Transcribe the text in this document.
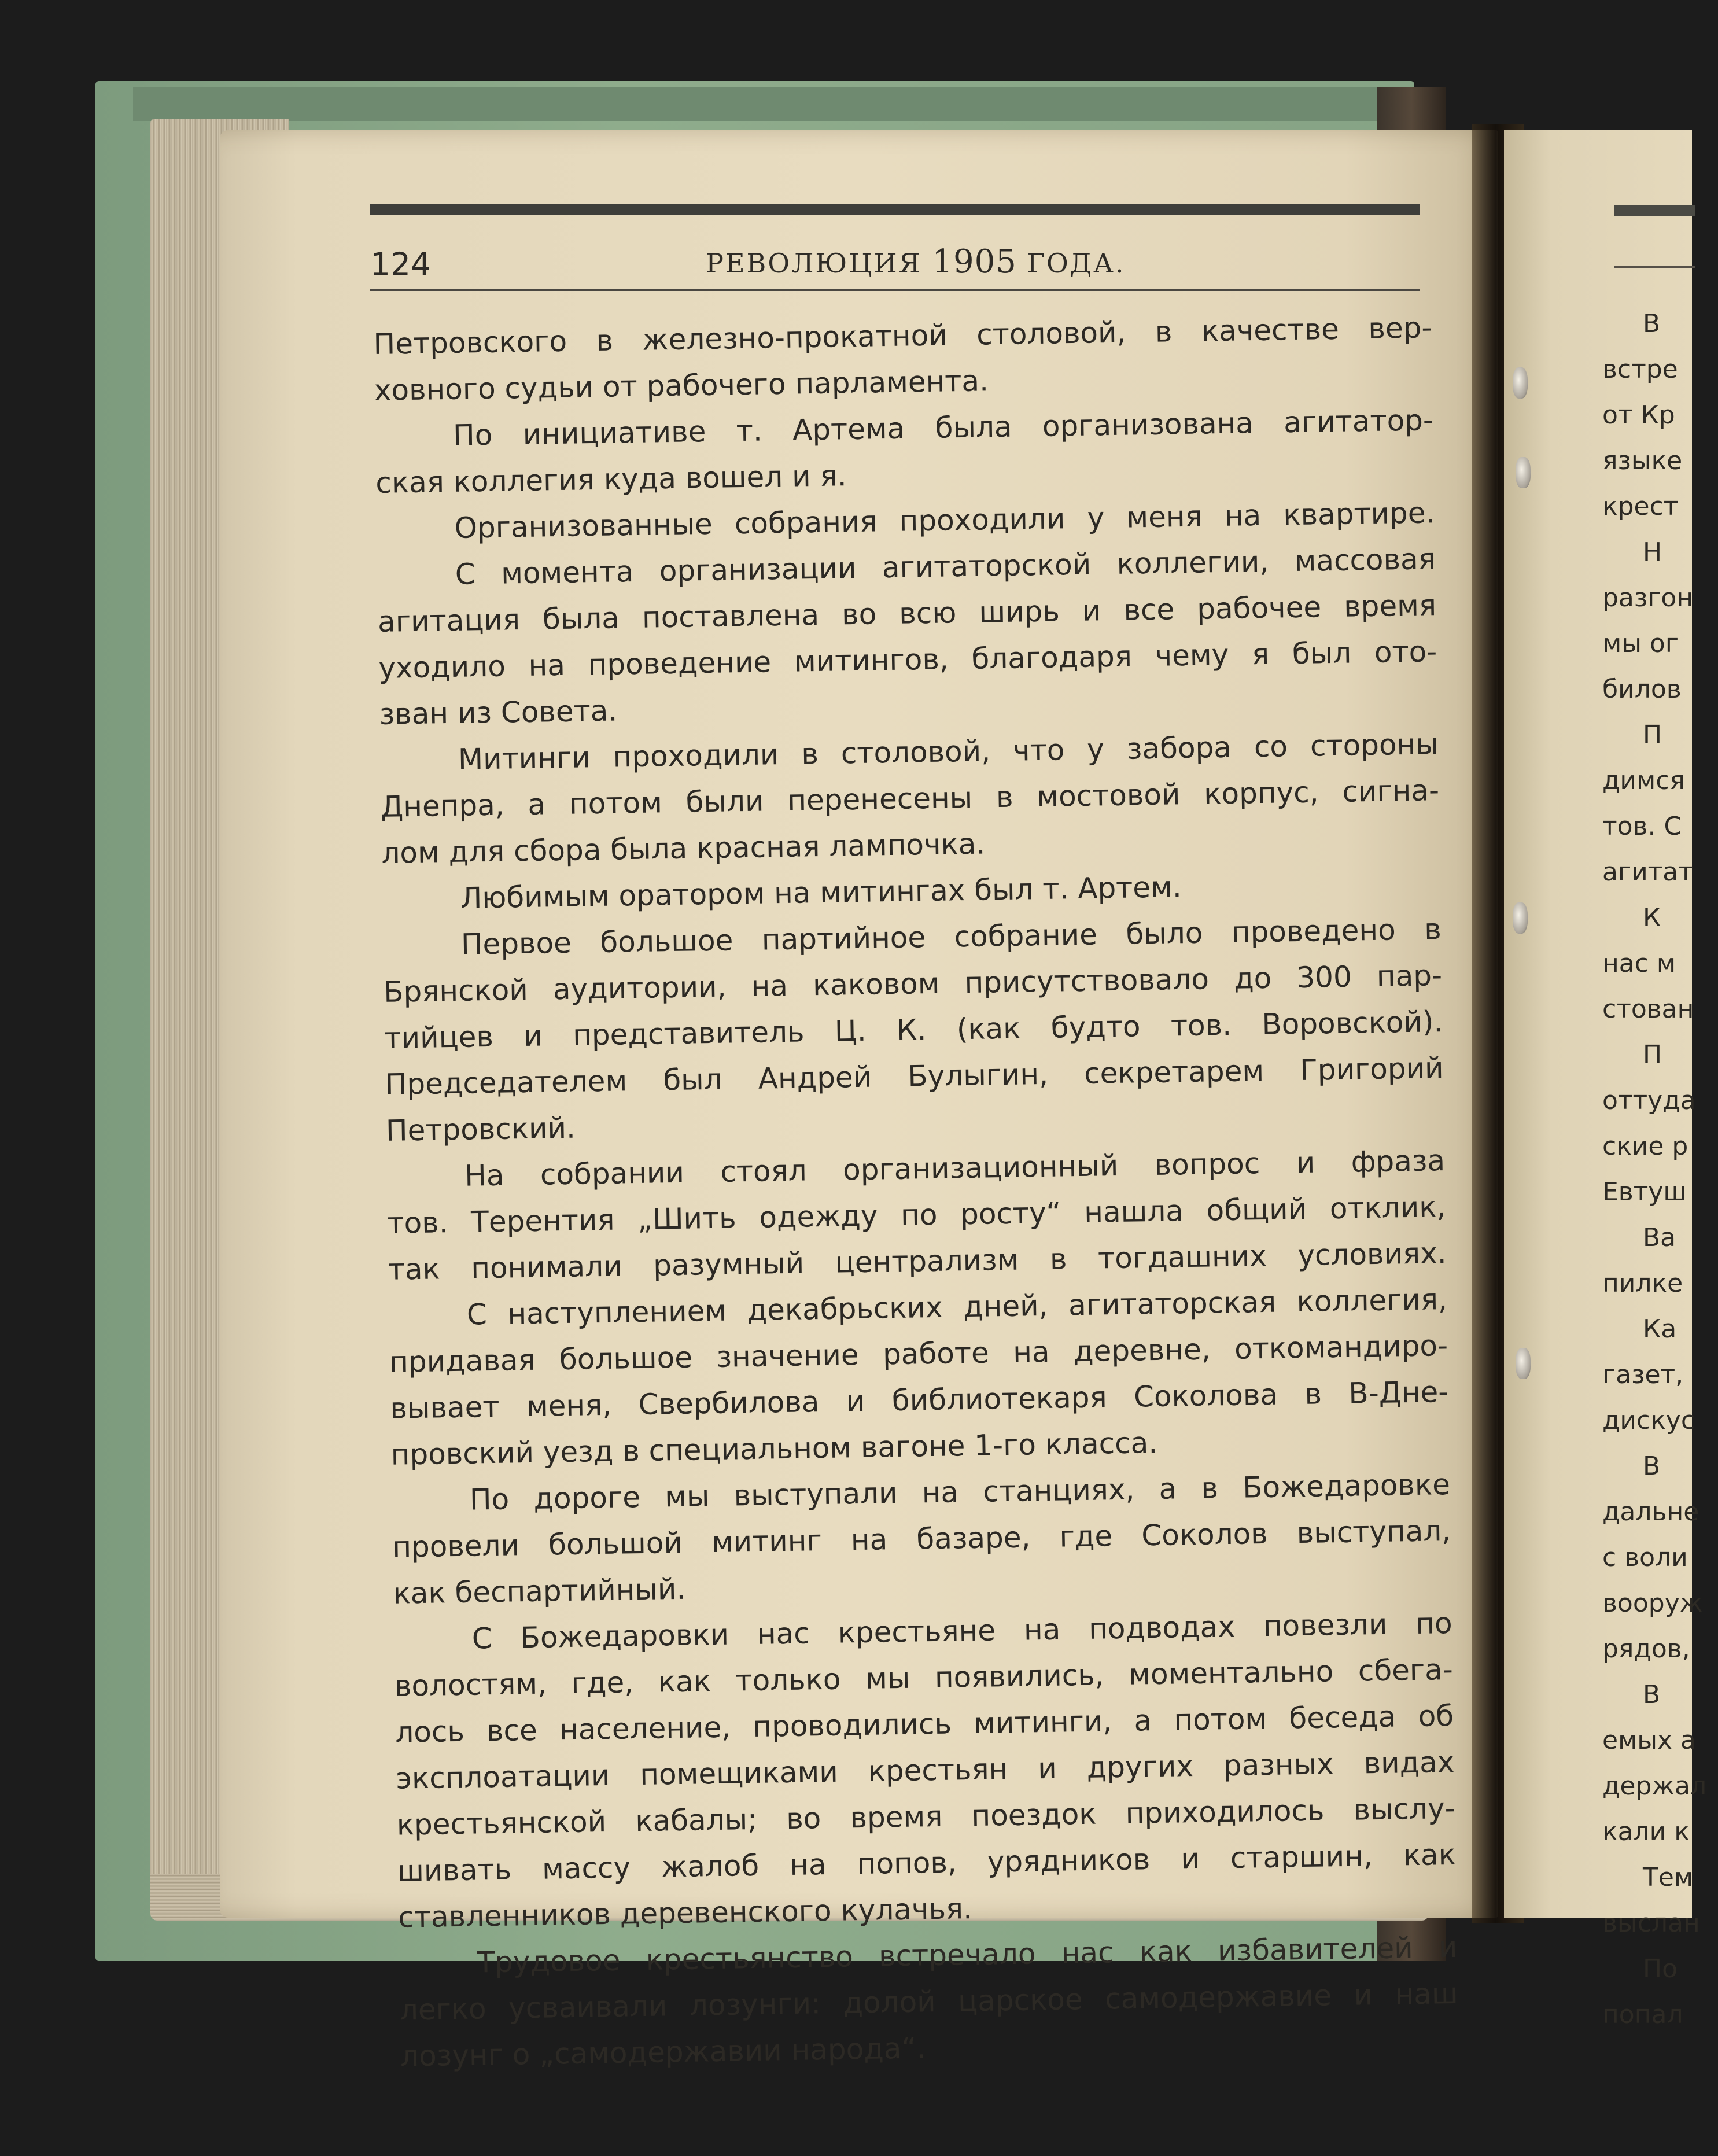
124	РЕВОЛЮЦИЯ 1905 ГОДА.
Петровского в железно-прокатной столовой, в качестве вер-
ховного судьи от рабочего парламента.
По инициативе т. Артема была организована агитатор-
ская коллегия куда вошел и я.
Организованные собрания проходили у меня на квартире.
С момента организации агитаторской коллегии, массовая
агитация была поставлена во всю ширь и все рабочее время
уходило на проведение митингов, благодаря чему я был ото-
зван из Совета.
Митинги проходили в столовой, что у забора со стороны
Днепра, а потом были перенесены в мостовой корпус, сигна-
лом для сбора была красная лампочка.
Любимым оратором на митингах был т. Артем.
Первое большое партийное собрание было проведено в
Брянской аудитории, на каковом присутствовало до 300 пар-
тийцев и представитель Ц. К. (как будто тов. Воровской).
Председателем был Андрей Булыгин, секретарем Григорий
Петровский.
На собрании стоял организационный вопрос и фраза
тов. Терентия „Шить одежду по росту“ нашла общий отклик,
так понимали разумный централизм в тогдашних условиях.
С наступлением декабрьских дней, агитаторская коллегия,
придавая большое значение работе на деревне, откомандиро-
вывает меня, Свербилова и библиотекаря Соколова в В-Дне-
провский уезд в специальном вагоне 1-го класса.
По дороге мы выступали на станциях, а в Божедаровке
провели большой митинг на базаре, где Соколов выступал,
как беспартийный.
С Божедаровки нас крестьяне на подводах повезли по
волостям, где, как только мы появились, моментально сбега-
лось все население, проводились митинги, а потом беседа об
эксплоатации помещиками крестьян и других разных видах
крестьянской кабалы; во время поездок приходилось выслу-
шивать массу жалоб на попов, урядников и старшин, как
ставленников деревенского кулачья.
Трудовое крестьянство встречало нас как избавителей и
легко усваивали лозунги: долой царское самодержавие и наш
лозунг о „самодержавии народа“.
В
встре
от Кр
языке
крест
Н
разгон
мы ог
билов
П
димся
тов. С
агитат
К
нас м
стован
П
оттуда
ские р
Евтуш
Ва
пилке
Ка
газет,
дискус
В
дальне
с воли
вооруж
рядов,
В
емых а
держал
кали к
Тем
выслан
По
попал
